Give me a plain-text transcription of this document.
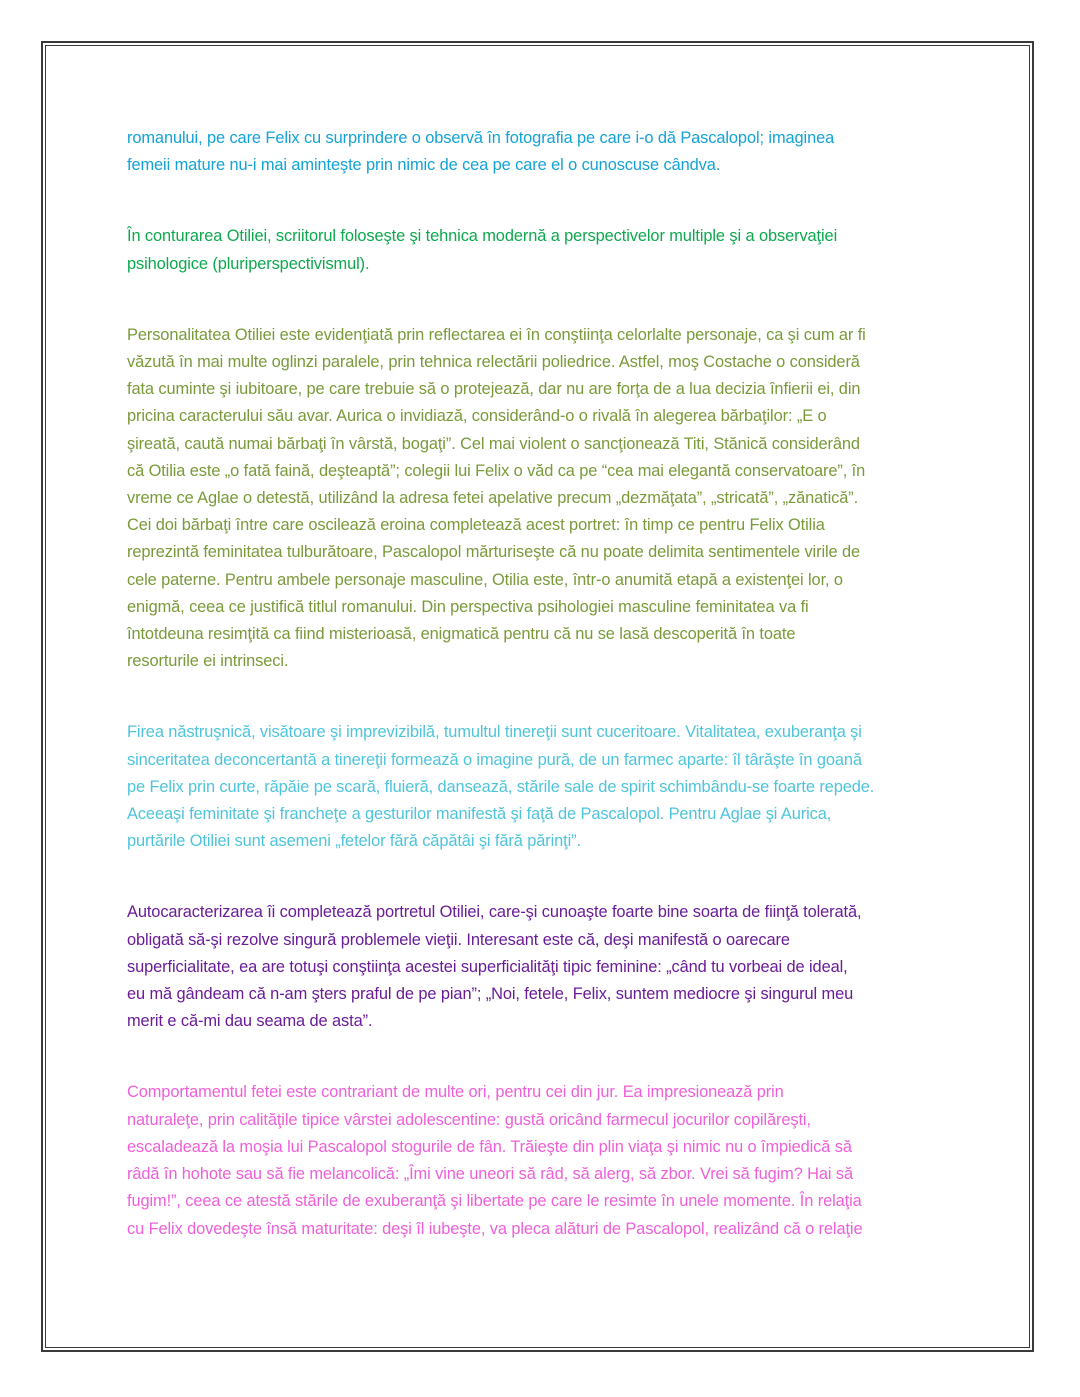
romanului, pe care Felix cu surprindere o observă în fotografia pe care i-o dă Pascalopol; imaginea
femeii mature nu-i mai aminteşte prin nimic de cea pe care el o cunoscuse cândva.

În conturarea Otiliei, scriitorul foloseşte şi tehnica modernă a perspectivelor multiple şi a observaţiei
psihologice (pluriperspectivismul).

Personalitatea Otiliei este evidenţiată prin reflectarea ei în conştiinţa celorlalte personaje, ca şi cum ar fi
văzută în mai multe oglinzi paralele, prin tehnica relectării poliedrice. Astfel, moş Costache o consideră
fata cuminte şi iubitoare, pe care trebuie să o protejează, dar nu are forţa de a lua decizia înfierii ei, din
pricina caracterului său avar. Aurica o invidiază, considerând-o o rivală în alegerea bărbaţilor: „E o
şireată, caută numai bărbaţi în vârstă, bogaţi”. Cel mai violent o sancţionează Titi, Stănică considerând
că Otilia este „o fată faină, deşteaptă”; colegii lui Felix o văd ca pe “cea mai elegantă conservatoare”, în
vreme ce Aglae o detestă, utilizând la adresa fetei apelative precum „dezmăţata”, „stricată”, „zănatică”.
Cei doi bărbaţi între care oscilează eroina completează acest portret: în timp ce pentru Felix Otilia
reprezintă feminitatea tulburătoare, Pascalopol mărturiseşte că nu poate delimita sentimentele virile de
cele paterne. Pentru ambele personaje masculine, Otilia este, într-o anumită etapă a existenţei lor, o
enigmă, ceea ce justifică titlul romanului. Din perspectiva psihologiei masculine feminitatea va fi
întotdeuna resimţită ca fiind misterioasă, enigmatică pentru că nu se lasă descoperită în toate
resorturile ei intrinseci.

Firea năstruşnică, visătoare şi imprevizibilă, tumultul tinereţii sunt cuceritoare. Vitalitatea, exuberanţa şi
sinceritatea deconcertantă a tinereţii formează o imagine pură, de un farmec aparte: îl târăşte în goană
pe Felix prin curte, răpăie pe scară, fluieră, dansează, stările sale de spirit schimbându-se foarte repede.
Aceeaşi feminitate şi francheţe a gesturilor manifestă şi faţă de Pascalopol. Pentru Aglae şi Aurica,
purtările Otiliei sunt asemeni „fetelor fără căpătâi şi fără părinţi”.

Autocaracterizarea îi completează portretul Otiliei, care-şi cunoaşte foarte bine soarta de fiinţă tolerată,
obligată să-şi rezolve singură problemele vieţii. Interesant este că, deşi manifestă o oarecare
superficialitate, ea are totuşi conştiinţa acestei superficialităţi tipic feminine: „când tu vorbeai de ideal,
eu mă gândeam că n-am şters praful de pe pian”; „Noi, fetele, Felix, suntem mediocre şi singurul meu
merit e că-mi dau seama de asta”.

Comportamentul fetei este contrariant de multe ori, pentru cei din jur. Ea impresionează prin
naturaleţe, prin calităţile tipice vârstei adolescentine: gustă oricând farmecul jocurilor copilăreşti,
escaladează la moşia lui Pascalopol stogurile de fân. Trăieşte din plin viaţa şi nimic nu o împiedică să
râdă în hohote sau să fie melancolică: „Îmi vine uneori să râd, să alerg, să zbor. Vrei să fugim? Hai să
fugim!”, ceea ce atestă stările de exuberanţă şi libertate pe care le resimte în unele momente. În relaţia
cu Felix dovedeşte însă maturitate: deşi îl iubeşte, va pleca alături de Pascalopol, realizând că o relaţie
